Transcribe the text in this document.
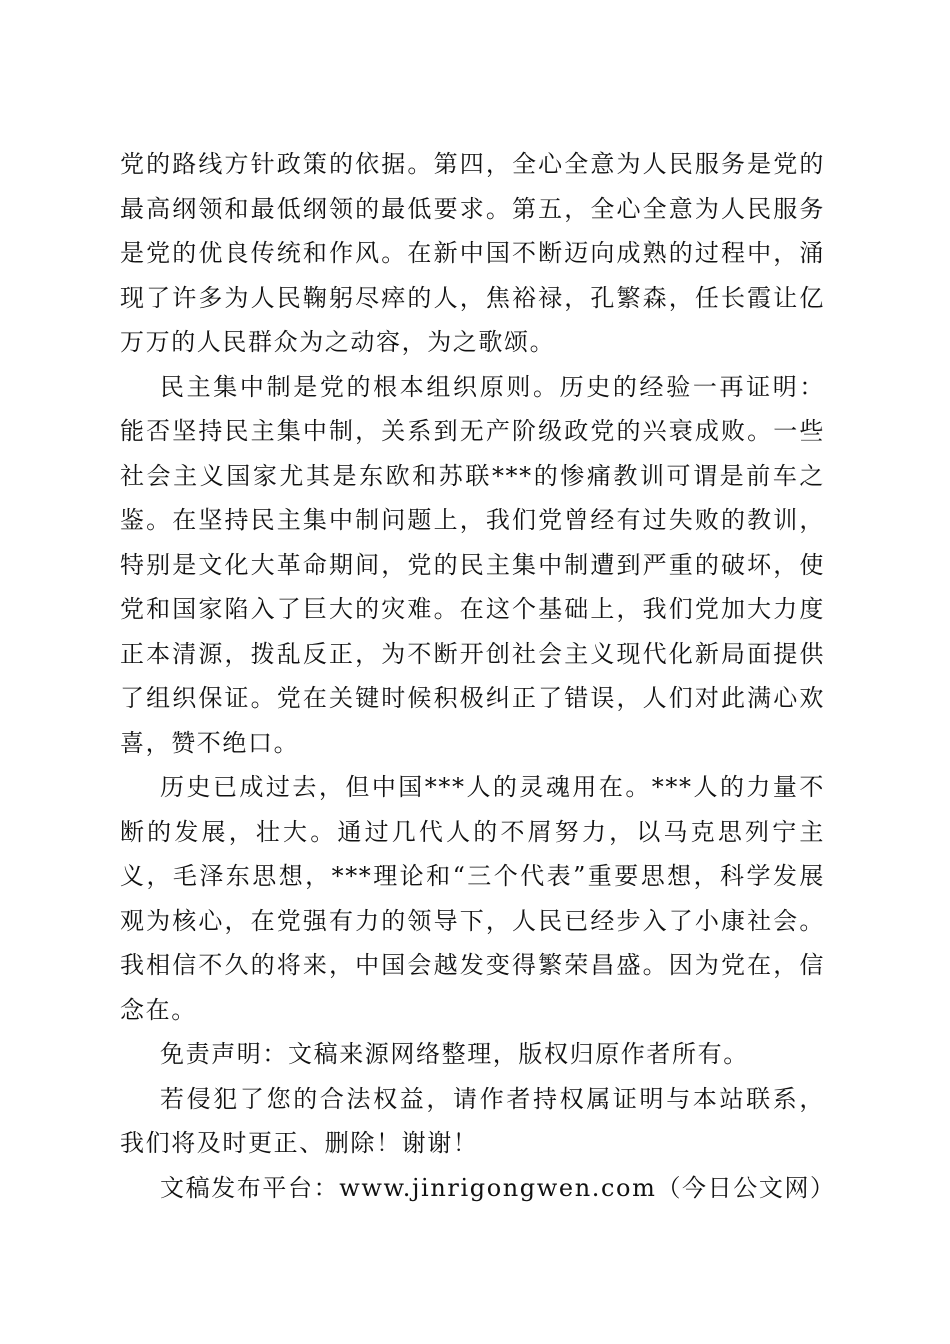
党的路线方针政策的依据。第四，全心全意为人民服务是党的最高纲领和最低纲领的最低要求。第五，全心全意为人民服务是党的优良传统和作风。在新中国不断迈向成熟的过程中，涌现了许多为人民鞠躬尽瘁的人，焦裕禄，孔繁森，任长霞让亿万万的人民群众为之动容，为之歌颂。

民主集中制是党的根本组织原则。历史的经验一再证明：能否坚持民主集中制，关系到无产阶级政党的兴衰成败。一些社会主义国家尤其是东欧和苏联***的惨痛教训可谓是前车之鉴。在坚持民主集中制问题上，我们党曾经有过失败的教训，特别是文化大革命期间，党的民主集中制遭到严重的破坏，使党和国家陷入了巨大的灾难。在这个基础上，我们党加大力度正本清源，拨乱反正，为不断开创社会主义现代化新局面提供了组织保证。党在关键时候积极纠正了错误，人们对此满心欢喜，赞不绝口。

历史已成过去，但中国***人的灵魂用在。***人的力量不断的发展，壮大。通过几代人的不屑努力，以马克思列宁主义，毛泽东思想，***理论和“三个代表”重要思想，科学发展观为核心，在党强有力的领导下，人民已经步入了小康社会。我相信不久的将来，中国会越发变得繁荣昌盛。因为党在，信念在。

免责声明：文稿来源网络整理，版权归原作者所有。

若侵犯了您的合法权益，请作者持权属证明与本站联系，我们将及时更正、删除！谢谢！

文稿发布平台：www.jinrigongwen.com（今日公文网）
